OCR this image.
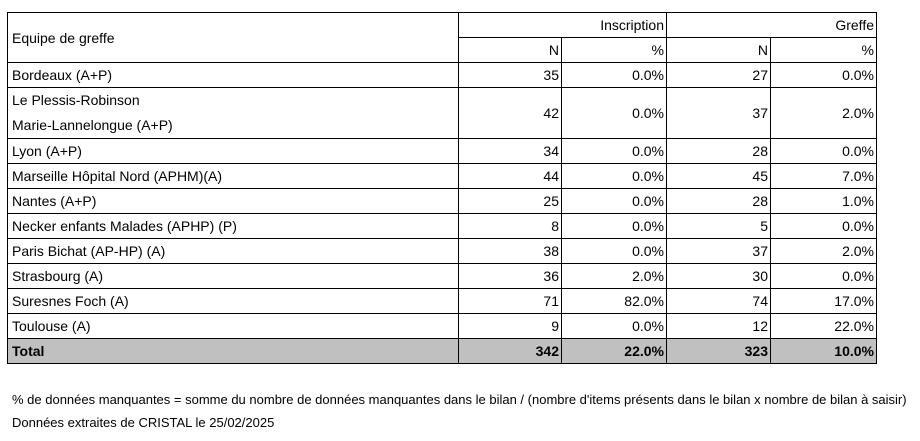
Equipe de greffe	Inscription		Greffe	
	N	%	N	%
Bordeaux (A+P)	35	0.0%	27	0.0%

Le Plessis-Robinson
Marie-Lannelongue (A+P)	42	0.0%	37	2.0%
Lyon (A+P)	34	0.0%	28	0.0%
Marseille Hôpital Nord (APHM)(A)	44	0.0%	45	7.0%
Nantes (A+P)	25	0.0%	28	1.0%
Necker enfants Malades (APHP) (P)	8	0.0%	5	0.0%
Paris Bichat (AP-HP) (A)	38	0.0%	37	2.0%
Strasbourg (A)	36	2.0%	30	0.0%
Suresnes Foch (A)	71	82.0%	74	17.0%
Toulouse (A)	9	0.0%	12	22.0%
Total	342	22.0%	323	10.0%
% de données manquantes = somme du nombre de données manquantes dans le bilan / (nombre d'items présents dans le bilan x nombre de bilan à saisir)
Données extraites de CRISTAL le 25/02/2025
